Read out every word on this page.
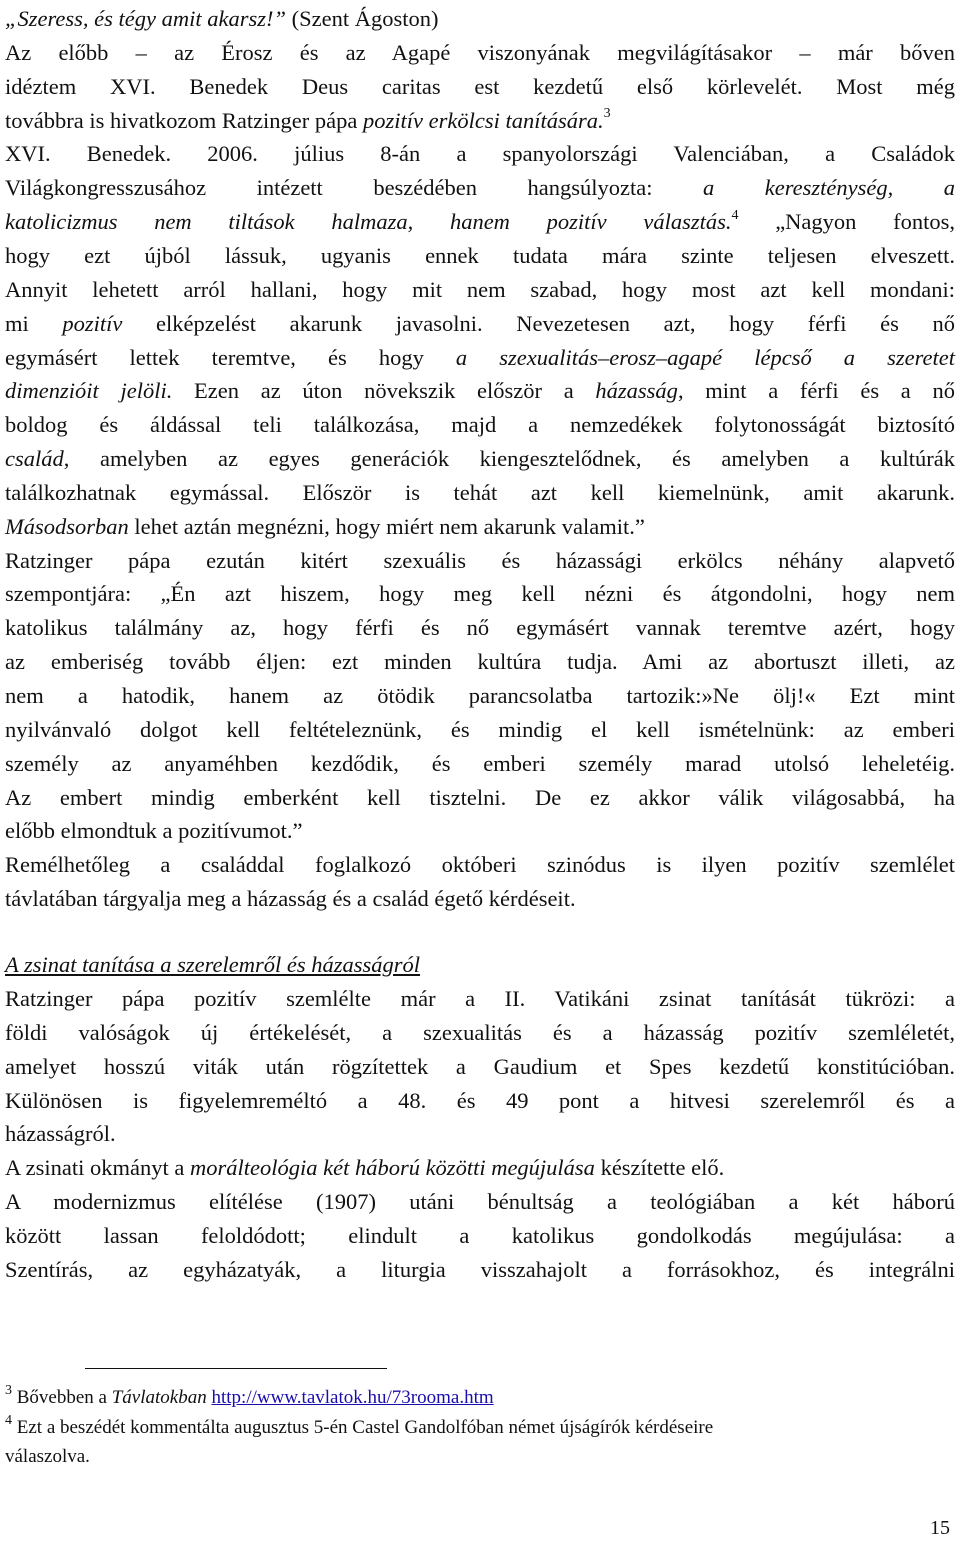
„Szeress, és tégy amit akarsz!” (Szent Ágoston)
Az előbb – az Érosz és az Agapé viszonyának megvilágításakor – már bőven
idéztem XVI. Benedek Deus caritas est kezdetű első körlevelét. Most még
továbbra is hivatkozom Ratzinger pápa pozitív erkölcsi tanítására.$^3$
XVI. Benedek. 2006. július 8-án a spanyolországi Valenciában, a Családok
Világkongresszusához intézett beszédében hangsúlyozta: a kereszténység, a
katolicizmus nem tiltások halmaza, hanem pozitív választás.$^4$ „Nagyon fontos,
hogy ezt újból lássuk, ugyanis ennek tudata mára szinte teljesen elveszett.
Annyit lehetett arról hallani, hogy mit nem szabad, hogy most azt kell mondani:
mi pozitív elképzelést akarunk javasolni. Nevezetesen azt, hogy férfi és nő
egymásért lettek teremtve, és hogy a szexualitás–erosz–agapé lépcső a szeretet
dimenzióit jelöli. Ezen az úton növekszik először a házasság, mint a férfi és a nő
boldog és áldással teli találkozása, majd a nemzedékek folytonosságát biztosító
család, amelyben az egyes generációk kiengesztelődnek, és amelyben a kultúrák
találkozhatnak egymással. Először is tehát azt kell kiemelnünk, amit akarunk.
Másodsorban lehet aztán megnézni, hogy miért nem akarunk valamit.”
Ratzinger pápa ezután kitért szexuális és házassági erkölcs néhány alapvető
szempontjára: „Én azt hiszem, hogy meg kell nézni és átgondolni, hogy nem
katolikus találmány az, hogy férfi és nő egymásért vannak teremtve azért, hogy
az emberiség tovább éljen: ezt minden kultúra tudja. Ami az abortuszt illeti, az
nem a hatodik, hanem az ötödik parancsolatba tartozik:»Ne ölj!« Ezt mint
nyilvánvaló dolgot kell feltételeznünk, és mindig el kell ismételnünk: az emberi
személy az anyaméhben kezdődik, és emberi személy marad utolsó leheletéig.
Az embert mindig emberként kell tisztelni. De ez akkor válik világosabbá, ha
előbb elmondtuk a pozitívumot.”
Remélhetőleg a családdal foglalkozó októberi szinódus is ilyen pozitív szemlélet
távlatában tárgyalja meg a házasság és a család égető kérdéseit.
A zsinat tanítása a szerelemről és házasságról
Ratzinger pápa pozitív szemlélte már a II. Vatikáni zsinat tanítását tükrözi: a
földi valóságok új értékelését, a szexualitás és a házasság pozitív szemléletét,
amelyet hosszú viták után rögzítettek a Gaudium et Spes kezdetű konstitúcióban.
Különösen is figyelemreméltó a 48. és 49 pont a hitvesi szerelemről és a
házasságról.
A zsinati okmányt a morálteológia két háború közötti megújulása készítette elő.
A modernizmus elítélése (1907) utáni bénultság a teológiában a két háború
között lassan feloldódott; elindult a katolikus gondolkodás megújulása: a
Szentírás, az egyházatyák, a liturgia visszahajolt a forrásokhoz, és integrálni
$^3$ Bővebben a Távlatokban http://www.tavlatok.hu/73rooma.htm
$^4$ Ezt a beszédét kommentálta augusztus 5-én Castel Gandolfóban német újságírók kérdéseire
válaszolva.
15
